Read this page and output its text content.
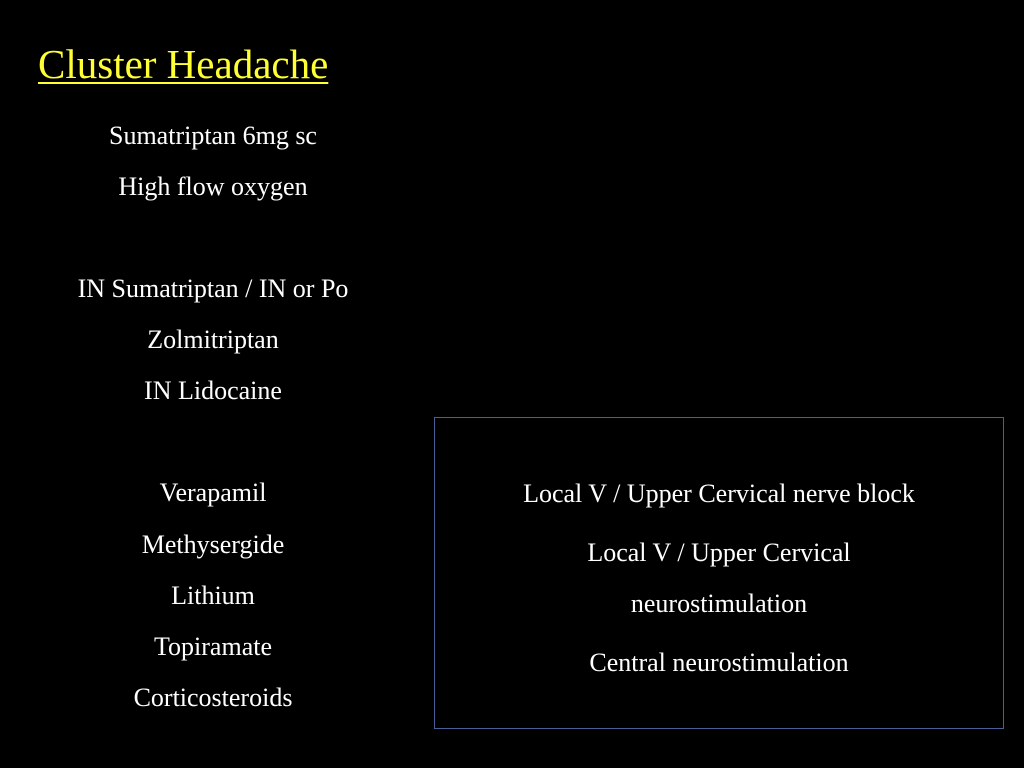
Cluster Headache
Sumatriptan 6mg sc
High flow oxygen
IN Sumatriptan / IN or Po
Zolmitriptan
IN Lidocaine
Verapamil
Methysergide
Lithium
Topiramate
Corticosteroids
Local V / Upper Cervical nerve block
Local V / Upper Cervical
neurostimulation
Central neurostimulation
